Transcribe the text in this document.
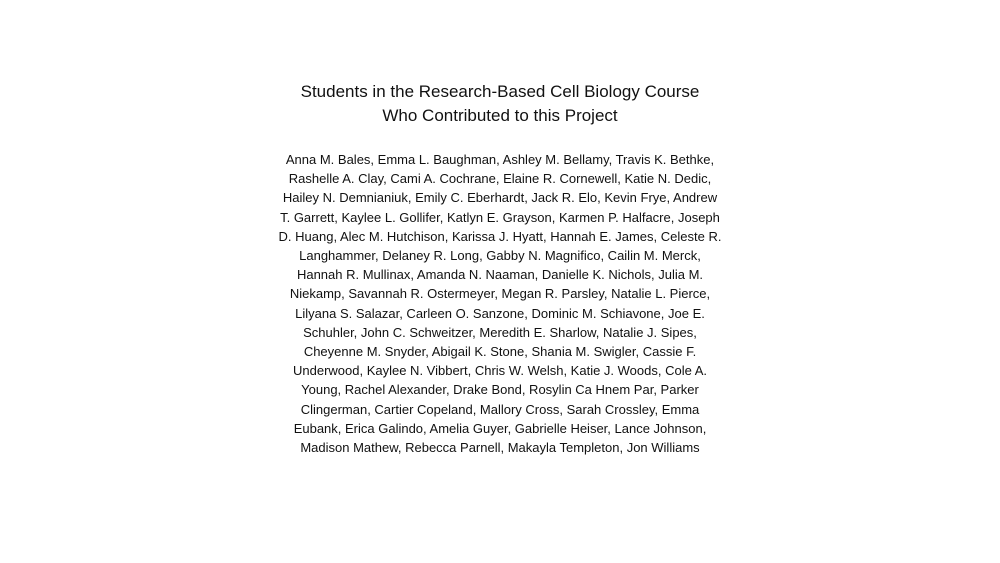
Students in the Research-Based Cell Biology Course
Who Contributed to this Project
Anna M. Bales, Emma L. Baughman, Ashley M. Bellamy, Travis K. Bethke,
Rashelle A. Clay, Cami A. Cochrane, Elaine R. Cornewell, Katie N. Dedic,
Hailey N. Demnianiuk, Emily C. Eberhardt, Jack R. Elo, Kevin Frye, Andrew
T. Garrett, Kaylee L. Gollifer, Katlyn E. Grayson, Karmen P. Halfacre, Joseph
D. Huang, Alec M. Hutchison, Karissa J. Hyatt, Hannah E. James, Celeste R.
Langhammer, Delaney R. Long, Gabby N. Magnifico, Cailin M. Merck,
Hannah R. Mullinax, Amanda N. Naaman, Danielle K. Nichols, Julia M.
Niekamp, Savannah R. Ostermeyer, Megan R. Parsley, Natalie L. Pierce,
Lilyana S. Salazar, Carleen O. Sanzone, Dominic M. Schiavone, Joe E.
Schuhler, John C. Schweitzer, Meredith E. Sharlow, Natalie J. Sipes,
Cheyenne M. Snyder, Abigail K. Stone, Shania M. Swigler, Cassie F.
Underwood, Kaylee N. Vibbert, Chris W. Welsh, Katie J. Woods, Cole A.
Young, Rachel Alexander, Drake Bond, Rosylin Ca Hnem Par, Parker
Clingerman, Cartier Copeland, Mallory Cross, Sarah Crossley, Emma
Eubank, Erica Galindo, Amelia Guyer, Gabrielle Heiser, Lance Johnson,
Madison Mathew, Rebecca Parnell, Makayla Templeton, Jon Williams
